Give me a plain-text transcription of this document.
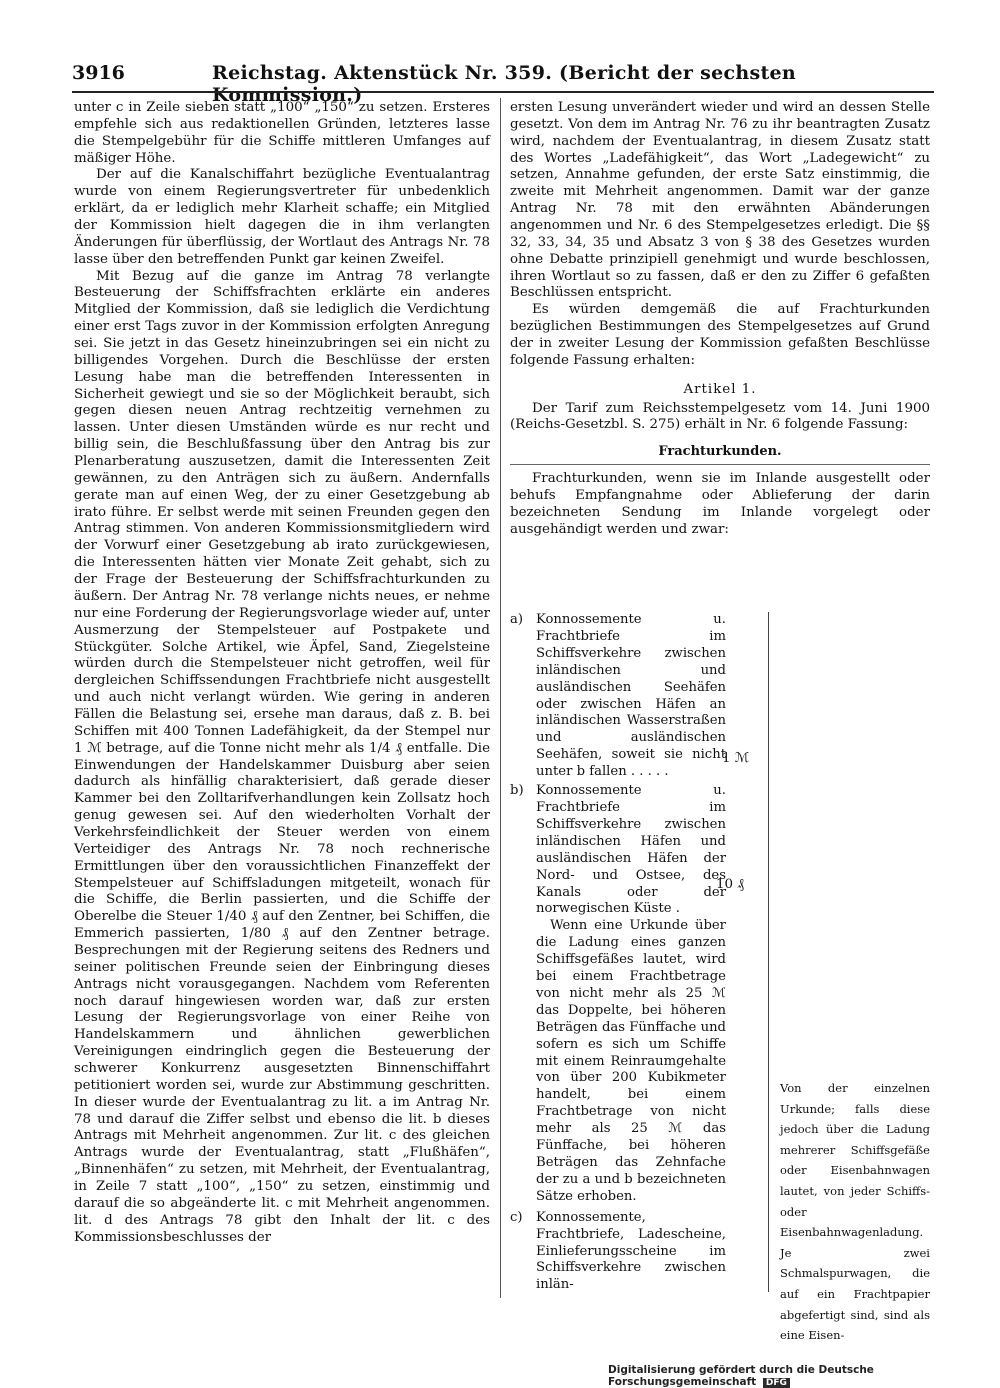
3916	Reichstag. Aktenstück Nr. 359. (Bericht der sechsten Kommission.)

unter c in Zeile sieben statt „100“ „150“ zu setzen. Ersteres empfehle sich aus redaktionellen Gründen, letzteres lasse die Stempelgebühr für die Schiffe mittleren Umfanges auf mäßiger Höhe.

Der auf die Kanalschiffahrt bezügliche Eventualantrag wurde von einem Regierungsvertreter für unbedenklich erklärt, da er lediglich mehr Klarheit schaffe; ein Mitglied der Kommission hielt dagegen die in ihm verlangten Änderungen für überflüssig, der Wortlaut des Antrags Nr. 78 lasse über den betreffenden Punkt gar keinen Zweifel.

Mit Bezug auf die ganze im Antrag 78 verlangte Besteuerung der Schiffsfrachten erklärte ein anderes Mitglied der Kommission, daß sie lediglich die Verdichtung einer erst Tags zuvor in der Kommission erfolgten Anregung sei. Sie jetzt in das Gesetz hineinzubringen sei ein nicht zu billigendes Vorgehen. Durch die Beschlüsse der ersten Lesung habe man die betreffenden Interessenten in Sicherheit gewiegt und sie so der Möglichkeit beraubt, sich gegen diesen neuen Antrag rechtzeitig vernehmen zu lassen. Unter diesen Umständen würde es nur recht und billig sein, die Beschlußfassung über den Antrag bis zur Plenarberatung auszusetzen, damit die Interessenten Zeit gewännen, zu den Anträgen sich zu äußern. Andernfalls gerate man auf einen Weg, der zu einer Gesetzgebung ab irato führe. Er selbst werde mit seinen Freunden gegen den Antrag stimmen. Von anderen Kommissionsmitgliedern wird der Vorwurf einer Gesetzgebung ab irato zurückgewiesen, die Interessenten hätten vier Monate Zeit gehabt, sich zu der Frage der Besteuerung der Schiffsfrachturkunden zu äußern. Der Antrag Nr. 78 verlange nichts neues, er nehme nur eine Forderung der Regierungsvorlage wieder auf, unter Ausmerzung der Stempelsteuer auf Postpakete und Stückgüter. Solche Artikel, wie Äpfel, Sand, Ziegelsteine würden durch die Stempelsteuer nicht getroffen, weil für dergleichen Schiffssendungen Frachtbriefe nicht ausgestellt und auch nicht verlangt würden. Wie gering in anderen Fällen die Belastung sei, ersehe man daraus, daß z. B. bei Schiffen mit 400 Tonnen Ladefähigkeit, da der Stempel nur 1 ℳ betrage, auf die Tonne nicht mehr als 1/4 ₰ entfalle. Die Einwendungen der Handelskammer Duisburg aber seien dadurch als hinfällig charakterisiert, daß gerade dieser Kammer bei den Zolltarifverhandlungen kein Zollsatz hoch genug gewesen sei. Auf den wiederholten Vorhalt der Verkehrsfeindlichkeit der Steuer werden von einem Verteidiger des Antrags Nr. 78 noch rechnerische Ermittlungen über den voraussichtlichen Finanzeffekt der Stempelsteuer auf Schiffsladungen mitgeteilt, wonach für die Schiffe, die Berlin passierten, und die Schiffe der Oberelbe die Steuer 1/40 ₰ auf den Zentner, bei Schiffen, die Emmerich passierten, 1/80 ₰ auf den Zentner betrage. Besprechungen mit der Regierung seitens des Redners und seiner politischen Freunde seien der Einbringung dieses Antrags nicht vorausgegangen. Nachdem vom Referenten noch darauf hingewiesen worden war, daß zur ersten Lesung der Regierungsvorlage von einer Reihe von Handelskammern und ähnlichen gewerblichen Vereinigungen eindringlich gegen die Besteuerung der schwerer Konkurrenz ausgesetzten Binnenschiffahrt petitioniert worden sei, wurde zur Abstimmung geschritten. In dieser wurde der Eventualantrag zu lit. a im Antrag Nr. 78 und darauf die Ziffer selbst und ebenso die lit. b dieses Antrags mit Mehrheit angenommen. Zur lit. c des gleichen Antrags wurde der Eventualantrag, statt „Flußhäfen“, „Binnenhäfen“ zu setzen, mit Mehrheit, der Eventualantrag, in Zeile 7 statt „100“, „150“ zu setzen, einstimmig und darauf die so abgeänderte lit. c mit Mehrheit angenommen. lit. d des Antrags 78 gibt den Inhalt der lit. c des Kommissionsbeschlusses der

ersten Lesung unverändert wieder und wird an dessen Stelle gesetzt. Von dem im Antrag Nr. 76 zu ihr beantragten Zusatz wird, nachdem der Eventualantrag, in diesem Zusatz statt des Wortes „Ladefähigkeit“, das Wort „Ladegewicht“ zu setzen, Annahme gefunden, der erste Satz einstimmig, die zweite mit Mehrheit angenommen. Damit war der ganze Antrag Nr. 78 mit den erwähnten Abänderungen angenommen und Nr. 6 des Stempelgesetzes erledigt. Die §§ 32, 33, 34, 35 und Absatz 3 von § 38 des Gesetzes wurden ohne Debatte prinzipiell genehmigt und wurde beschlossen, ihren Wortlaut so zu fassen, daß er den zu Ziffer 6 gefaßten Beschlüssen entspricht.

Es würden demgemäß die auf Frachturkunden bezüglichen Bestimmungen des Stempelgesetzes auf Grund der in zweiter Lesung der Kommission gefaßten Beschlüsse folgende Fassung erhalten:

Artikel 1.

Der Tarif zum Reichsstempelgesetz vom 14. Juni 1900 (Reichs-Gesetzbl. S. 275) erhält in Nr. 6 folgende Fassung:

Frachturkunden.

Frachturkunden, wenn sie im Inlande ausgestellt oder behufs Empfangnahme oder Ablieferung der darin bezeichneten Sendung im Inlande vorgelegt oder ausgehändigt werden und zwar:

a) Konnossemente u. Frachtbriefe im Schiffsverkehre zwischen inländischen und ausländischen Seehäfen oder zwischen Häfen an inländischen Wasserstraßen und ausländischen Seehäfen, soweit sie nicht unter b fallen . . . . .
b) Konnossemente u. Frachtbriefe im Schiffsverkehre zwischen inländischen Häfen und ausländischen Häfen der Nord- und Ostsee, des Kanals oder der norwegischen Küste .
Wenn eine Urkunde über die Ladung eines ganzen Schiffsgefäßes lautet, wird bei einem Frachtbetrage von nicht mehr als 25 ℳ das Doppelte, bei höheren Beträgen das Fünffache und sofern es sich um Schiffe mit einem Reinraumgehalte von über 200 Kubikmeter handelt, bei einem Frachtbetrage von nicht mehr als 25 ℳ das Fünffache, bei höheren Beträgen das Zehnfache der zu a und b bezeichneten Sätze erhoben.
c)	Konnossemente, Frachtbriefe, Ladescheine, Einlieferungsscheine im Schiffsverkehre zwischen inlän-
1 ℳ
10 ₰
Von der einzelnen Urkunde; falls diese jedoch über die Ladung mehrerer Schiffsgefäße oder Eisenbahnwagen lautet, von jeder Schiffs- oder Eisenbahnwagenladung. Je zwei Schmalspurwagen, die auf ein Frachtpapier abgefertigt sind, sind als eine Eisen-
Digitalisierung gefördert durch die Deutsche Forschungsgemeinschaft DFG
